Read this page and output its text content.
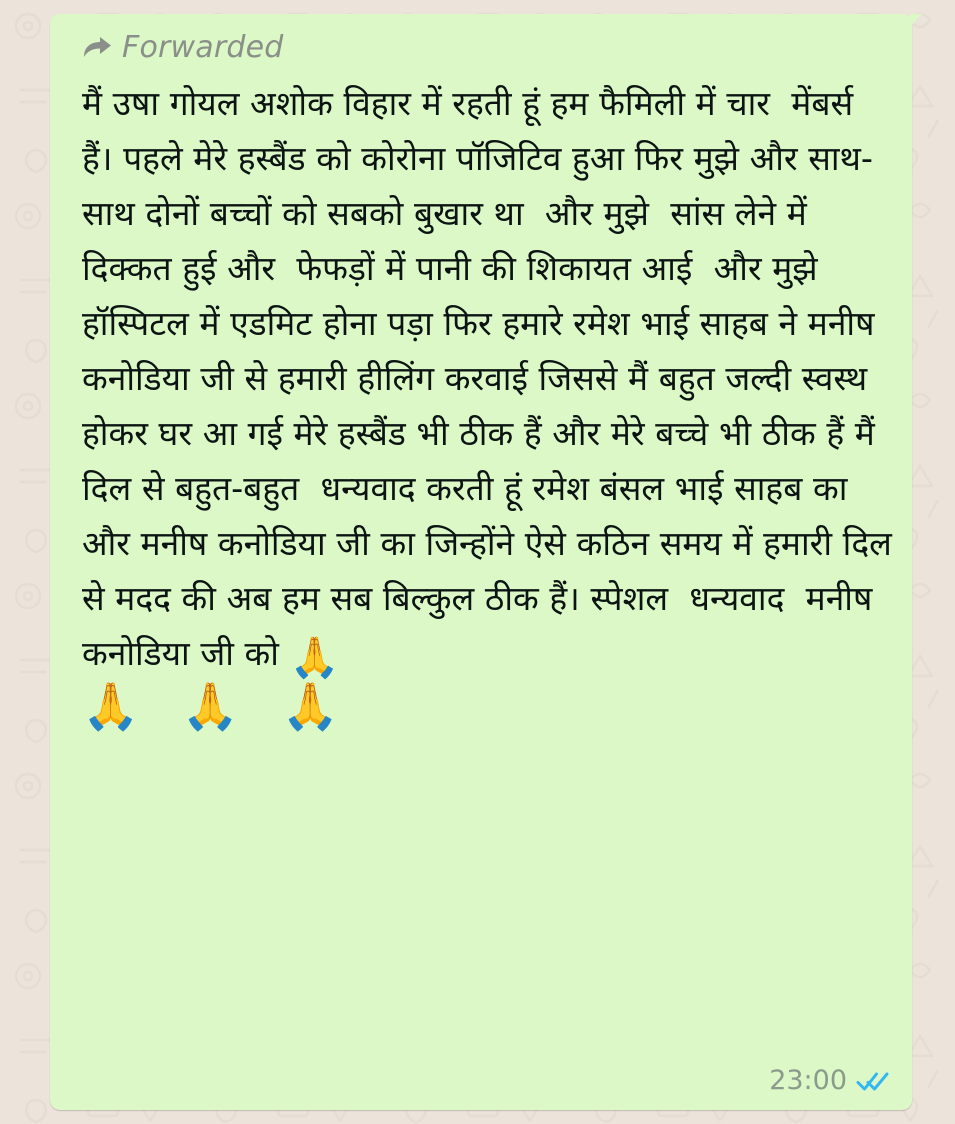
Forwarded
मैं उषा गोयल अशोक विहार में रहती हूं हम फैमिली में चार  मेंबर्स हैं। पहले मेरे हस्बैंड को कोरोना पॉजिटिव हुआ फिर मुझे और साथ-साथ दोनों बच्चों को सबको बुखार था  और मुझे  सांस लेने में दिक्कत हुई और  फेफड़ों में पानी की शिकायत आई  और मुझे हॉस्पिटल में एडमिट होना पड़ा फिर हमारे रमेश भाई साहब ने मनीष कनोडिया जी से हमारी हीलिंग करवाई जिससे मैं बहुत जल्दी स्वस्थ होकर घर आ गई मेरे हस्बैंड भी ठीक हैं और मेरे बच्चे भी ठीक हैं मैं दिल से बहुत-बहुत  धन्यवाद करती हूं रमेश बंसल भाई साहब का और मनीष कनोडिया जी का जिन्होंने ऐसे कठिन समय में हमारी दिल से मदद की अब हम सब बिल्कुल ठीक हैं। स्पेशल  धन्यवाद  मनीष कनोडिया जी को 🙏
🙏 🙏 🙏
23:00
